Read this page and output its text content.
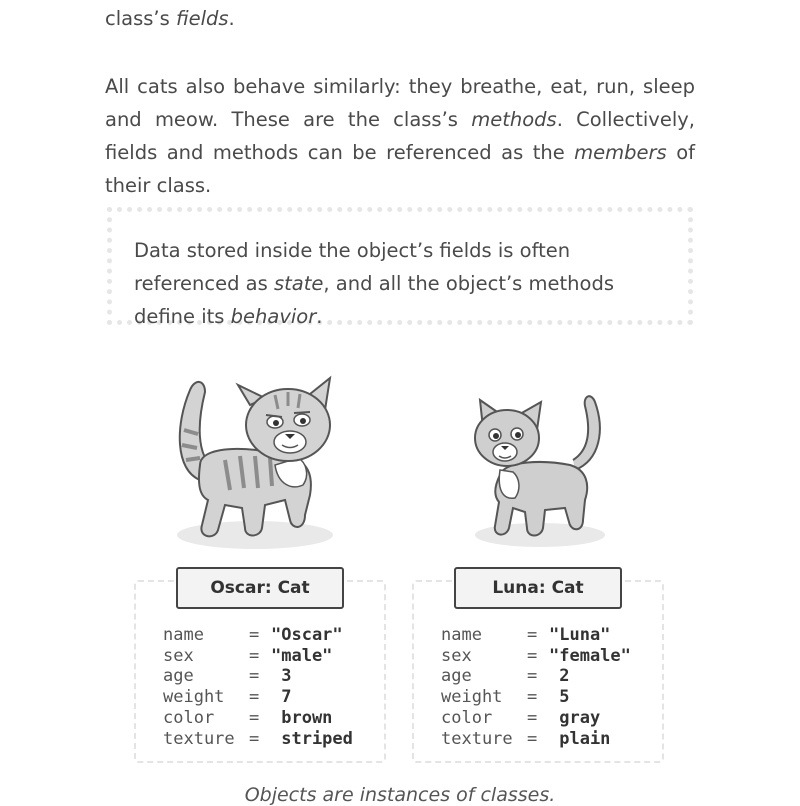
class’s fields.

All cats also behave similarly: they breathe, eat, run, sleep and meow. These are the class’s methods. Collectively, fields and methods can be referenced as the members of their class.

Data stored inside the object’s fields is often referenced as state, and all the object’s methods define its behavior.

Oscar: Cat
name	= "Oscar"
sex	= "male"
age	= 3
weight	= 7
color	= brown
texture = striped
Luna: Cat
name	= "Luna"
sex	= "female"
age	= 2
weight	= 5
color	= gray
texture = plain
Objects are instances of classes.
